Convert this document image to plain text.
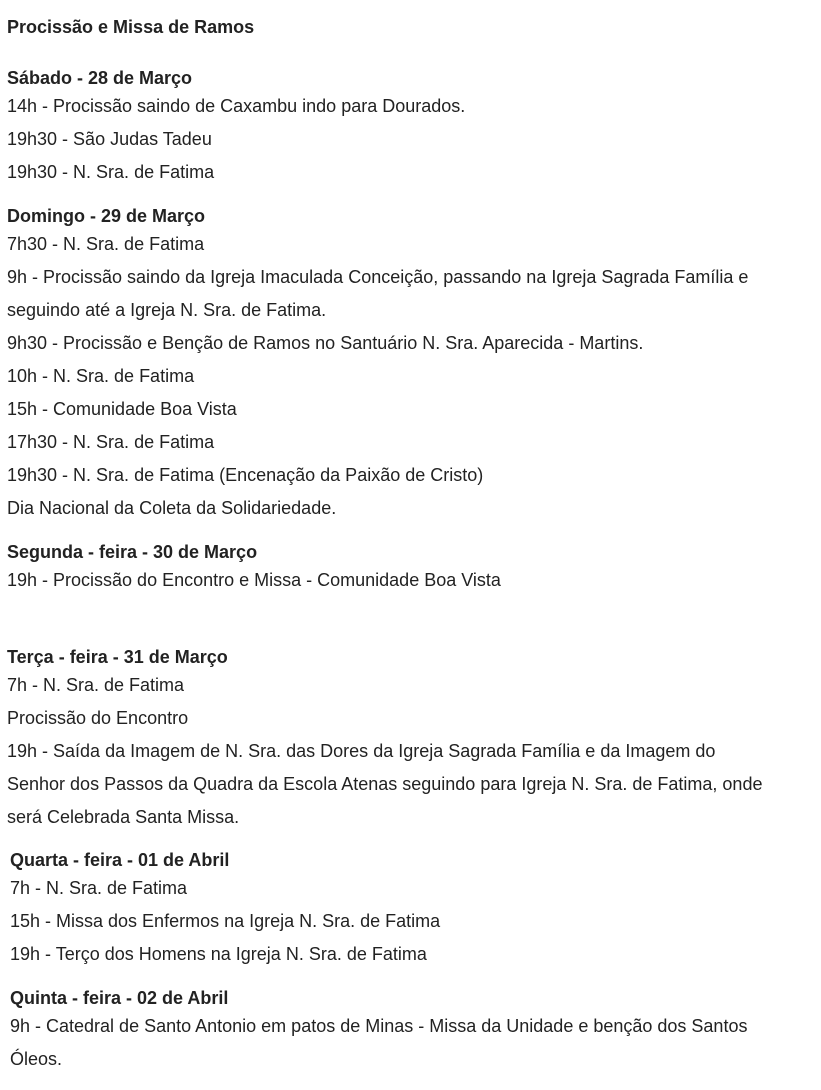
Procissão e Missa de Ramos
Sábado - 28 de Março
14h - Procissão saindo de Caxambu indo para Dourados.
19h30 - São Judas Tadeu
19h30 - N. Sra. de Fatima
Domingo - 29 de Março
7h30 - N. Sra. de Fatima
9h - Procissão saindo da Igreja Imaculada Conceição, passando na Igreja Sagrada Família e
seguindo até a Igreja N. Sra. de Fatima.
9h30 - Procissão e Benção de Ramos no Santuário N. Sra. Aparecida - Martins.
10h - N. Sra. de Fatima
15h - Comunidade Boa Vista
17h30 - N. Sra. de Fatima
19h30 - N. Sra. de Fatima (Encenação da Paixão de Cristo)
Dia Nacional da Coleta da Solidariedade.
Segunda - feira - 30 de Março
19h - Procissão do Encontro e Missa - Comunidade Boa Vista
Terça - feira - 31 de Março
7h - N. Sra. de Fatima
Procissão do Encontro
19h - Saída da Imagem de N. Sra. das Dores da Igreja Sagrada Família e da Imagem do
Senhor dos Passos da Quadra da Escola Atenas seguindo para Igreja N. Sra. de Fatima, onde
será Celebrada Santa Missa.
Quarta - feira - 01 de Abril
7h - N. Sra. de Fatima
15h - Missa dos Enfermos na Igreja N. Sra. de Fatima
19h - Terço dos Homens na Igreja N. Sra. de Fatima
Quinta - feira - 02 de Abril
9h - Catedral de Santo Antonio em patos de Minas - Missa da Unidade e benção dos Santos
Óleos.
